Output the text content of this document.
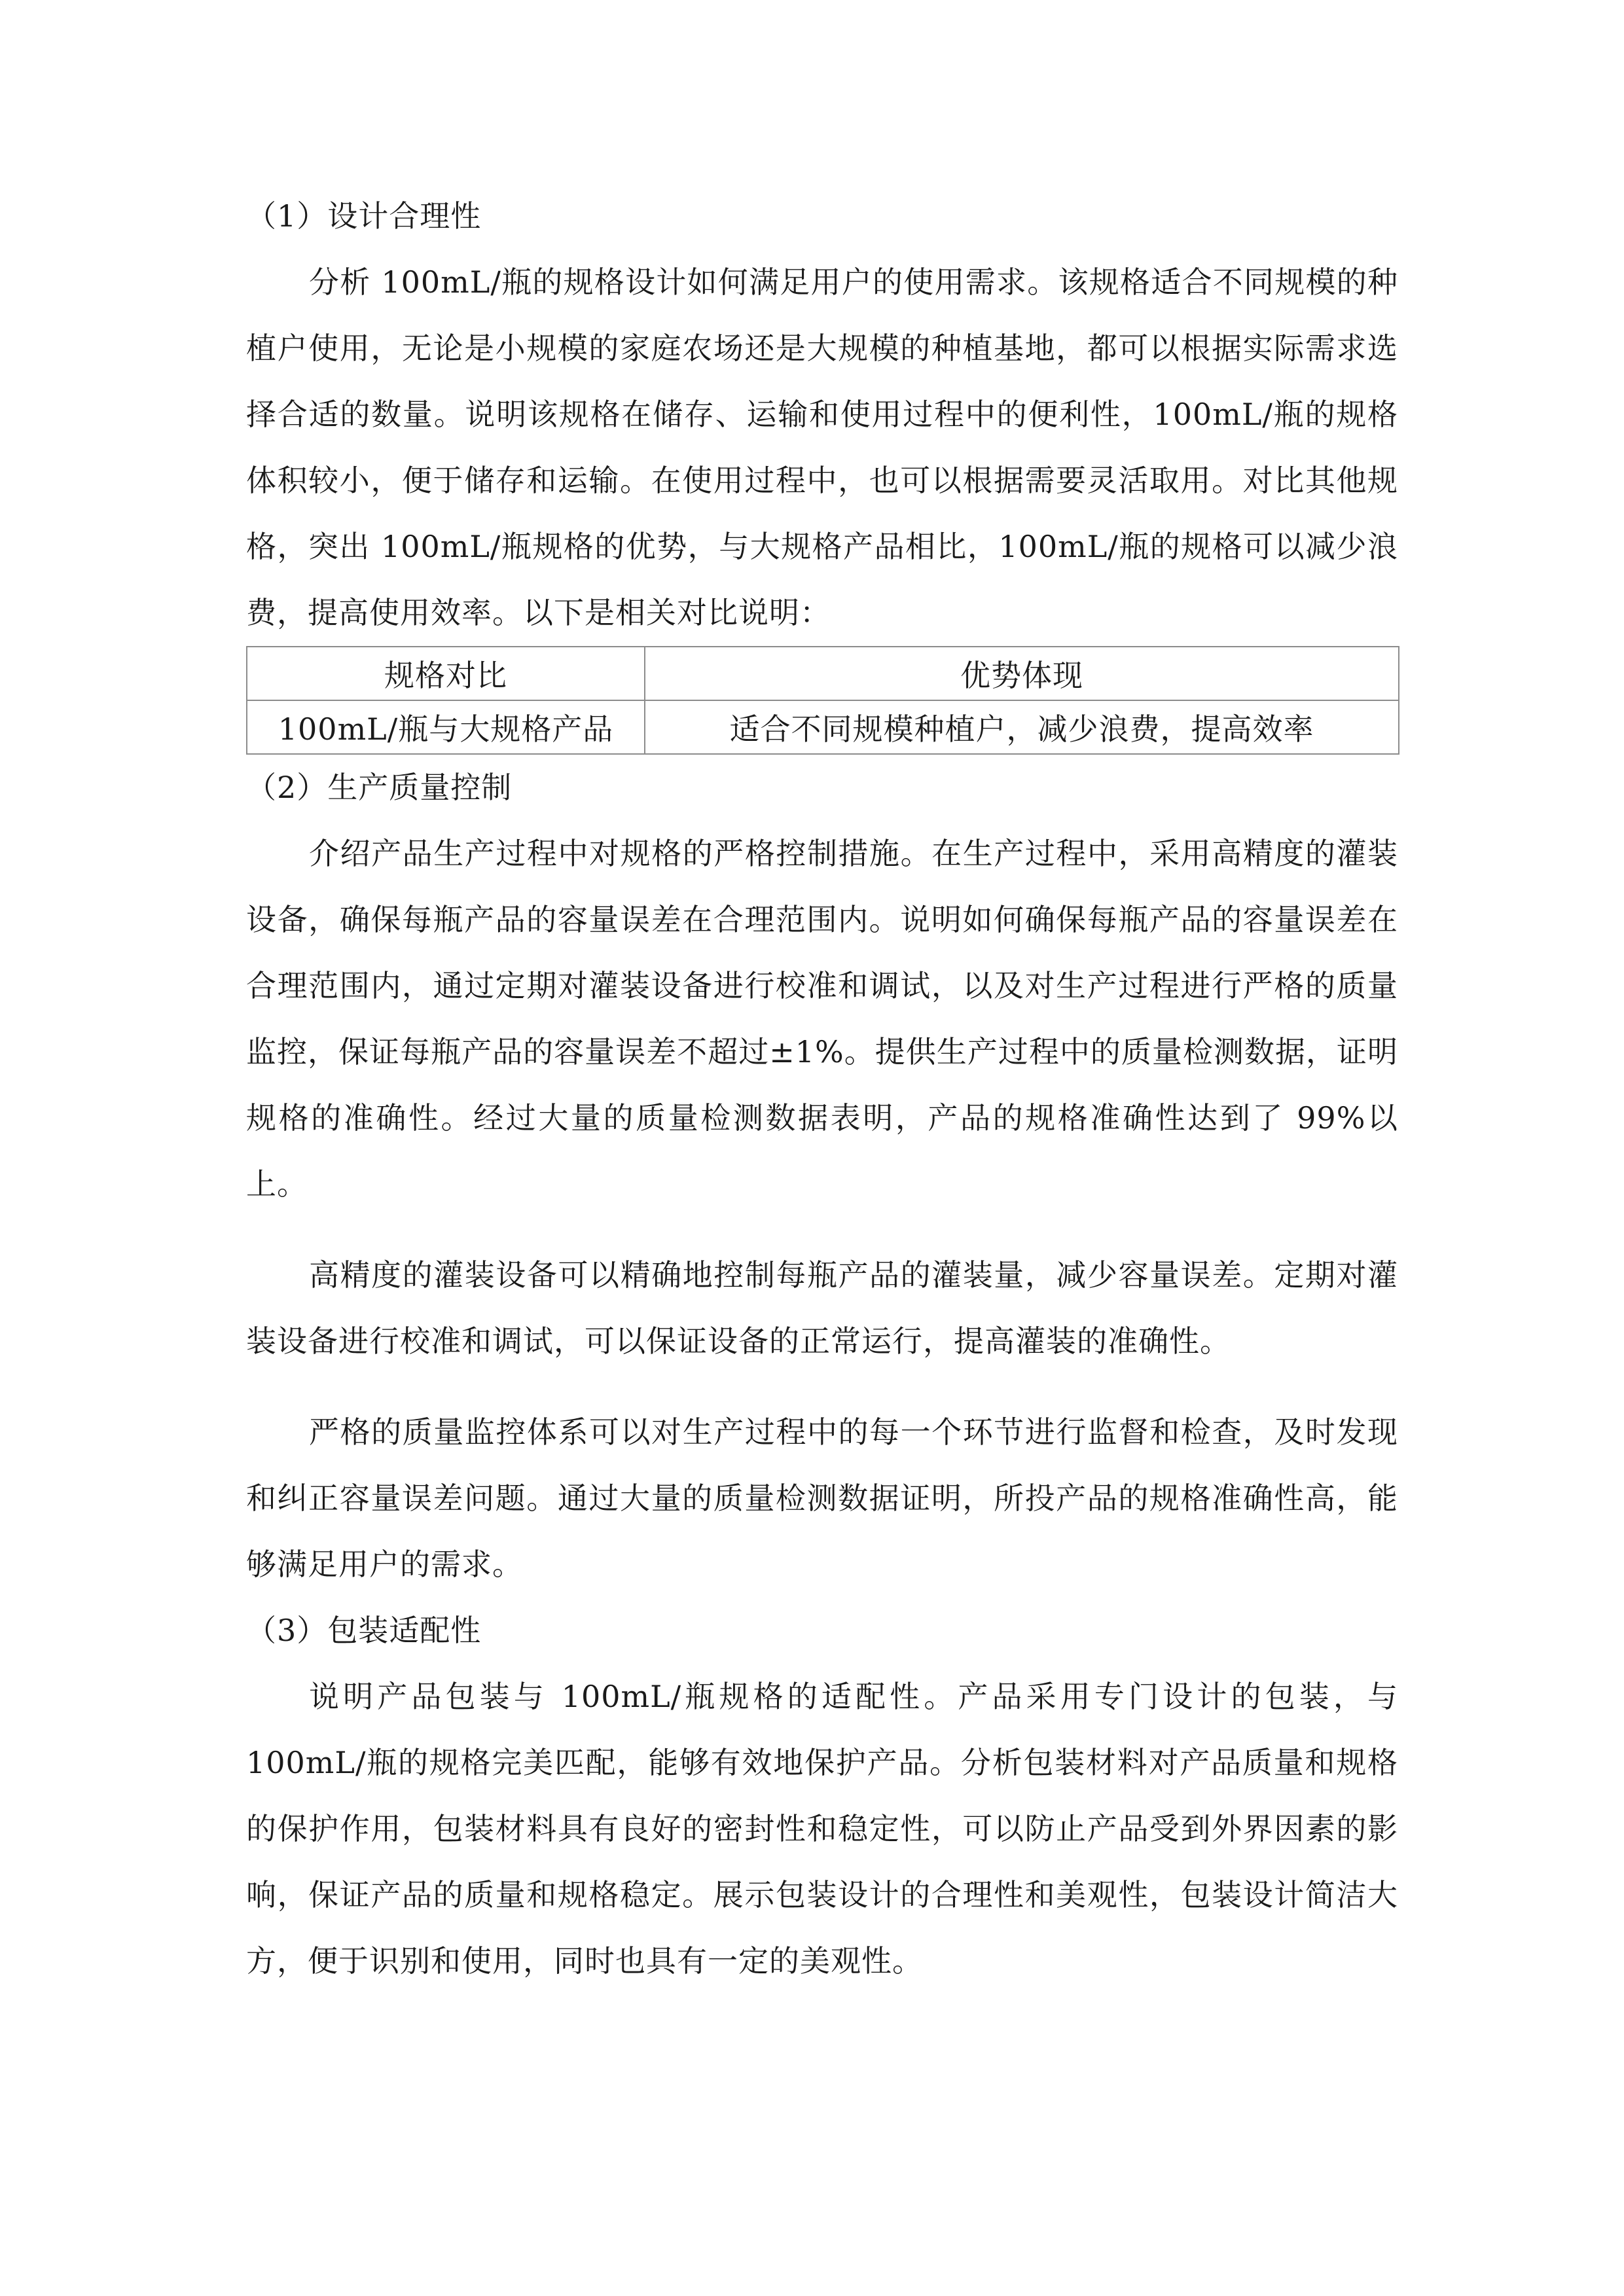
（1）设计合理性

分析 100mL/瓶的规格设计如何满足用户的使用需求。该规格适合不同规模的种植户使用，无论是小规模的家庭农场还是大规模的种植基地，都可以根据实际需求选择合适的数量。说明该规格在储存、运输和使用过程中的便利性，100mL/瓶的规格体积较小，便于储存和运输。在使用过程中，也可以根据需要灵活取用。对比其他规格，突出 100mL/瓶规格的优势，与大规格产品相比，100mL/瓶的规格可以减少浪费，提高使用效率。以下是相关对比说明：

规格对比	优势体现
100mL/瓶与大规格产品	适合不同规模种植户，减少浪费，提高效率

（2）生产质量控制

介绍产品生产过程中对规格的严格控制措施。在生产过程中，采用高精度的灌装设备，确保每瓶产品的容量误差在合理范围内。说明如何确保每瓶产品的容量误差在合理范围内，通过定期对灌装设备进行校准和调试，以及对生产过程进行严格的质量监控，保证每瓶产品的容量误差不超过±1%。提供生产过程中的质量检测数据，证明规格的准确性。经过大量的质量检测数据表明，产品的规格准确性达到了 99%以上。

高精度的灌装设备可以精确地控制每瓶产品的灌装量，减少容量误差。定期对灌装设备进行校准和调试，可以保证设备的正常运行，提高灌装的准确性。

严格的质量监控体系可以对生产过程中的每一个环节进行监督和检查，及时发现和纠正容量误差问题。通过大量的质量检测数据证明，所投产品的规格准确性高，能够满足用户的需求。

（3）包装适配性

说明产品包装与 100mL/瓶规格的适配性。产品采用专门设计的包装，与 100mL/瓶的规格完美匹配，能够有效地保护产品。分析包装材料对产品质量和规格的保护作用，包装材料具有良好的密封性和稳定性，可以防止产品受到外界因素的影响，保证产品的质量和规格稳定。展示包装设计的合理性和美观性，包装设计简洁大方，便于识别和使用，同时也具有一定的美观性。
